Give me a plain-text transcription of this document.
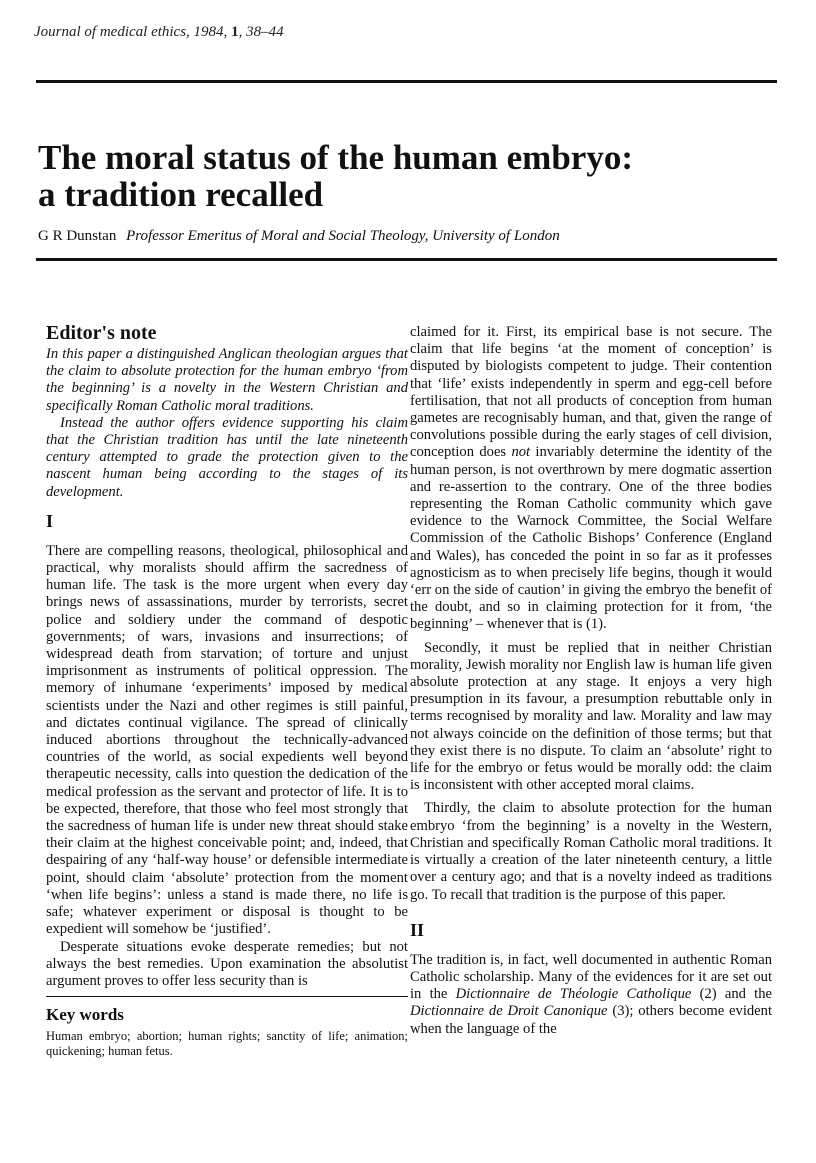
Journal of medical ethics, 1984, 1, 38–44
The moral status of the human embryo:
a tradition recalled
G R Dunstan Professor Emeritus of Moral and Social Theology, University of London
Editor's note

In this paper a distinguished Anglican theologian argues that the claim to absolute protection for the human embryo ‘from the beginning’ is a novelty in the Western Christian and specifically Roman Catholic moral traditions.

Instead the author offers evidence supporting his claim that the Christian tradition has until the late nineteenth century attempted to grade the protection given to the nascent human being according to the stages of its development.

I

There are compelling reasons, theological, philosophical and practical, why moralists should affirm the sacredness of human life. The task is the more urgent when every day brings news of assassinations, murder by terrorists, secret police and soldiery under the command of despotic governments; of wars, invasions and insurrections; of widespread death from starvation; of torture and unjust imprisonment as instruments of political oppression. The memory of inhumane ‘experiments’ imposed by medical scientists under the Nazi and other regimes is still painful, and dictates continual vigilance. The spread of clinically induced abortions throughout the technically-advanced countries of the world, as social expedients well beyond therapeutic necessity, calls into question the dedication of the medical profession as the servant and protector of life. It is to be expected, therefore, that those who feel most strongly that the sacredness of human life is under new threat should stake their claim at the highest conceivable point; and, indeed, that despairing of any ‘half-way house’ or defensible intermediate point, should claim ‘absolute’ protection from the moment ‘when life begins’: unless a stand is made there, no life is safe; whatever experiment or disposal is thought to be expedient will somehow be ‘justified’.

Desperate situations evoke desperate remedies; but not always the best remedies. Upon examination the absolutist argument proves to offer less security than is

Key words
Human embryo; abortion; human rights; sanctity of life; animation; quickening; human fetus.

claimed for it. First, its empirical base is not secure. The claim that life begins ‘at the moment of conception’ is disputed by biologists competent to judge. Their contention that ‘life’ exists independently in sperm and egg-cell before fertilisation, that not all products of conception from human gametes are recognisably human, and that, given the range of convolutions possible during the early stages of cell division, conception does not invariably determine the identity of the human person, is not overthrown by mere dogmatic assertion and re-assertion to the contrary. One of the three bodies representing the Roman Catholic community which gave evidence to the Warnock Committee, the Social Welfare Commission of the Catholic Bishops’ Conference (England and Wales), has conceded the point in so far as it professes agnosticism as to when precisely life begins, though it would ‘err on the side of caution’ in giving the embryo the benefit of the doubt, and so in claiming protection for it from, ‘the beginning’ – whenever that is (1).

Secondly, it must be replied that in neither Christian morality, Jewish morality nor English law is human life given absolute protection at any stage. It enjoys a very high presumption in its favour, a presumption rebuttable only in terms recognised by morality and law. Morality and law may not always coincide on the definition of those terms; but that they exist there is no dispute. To claim an ‘absolute’ right to life for the embryo or fetus would be morally odd: the claim is inconsistent with other accepted moral claims.

Thirdly, the claim to absolute protection for the human embryo ‘from the beginning’ is a novelty in the Western, Christian and specifically Roman Catholic moral traditions. It is virtually a creation of the later nineteenth century, a little over a century ago; and that is a novelty indeed as traditions go. To recall that tradition is the purpose of this paper.

II

The tradition is, in fact, well documented in authentic Roman Catholic scholarship. Many of the evidences for it are set out in the Dictionnaire de Théologie Catholique (2) and the Dictionnaire de Droit Canonique (3); others become evident when the language of the
